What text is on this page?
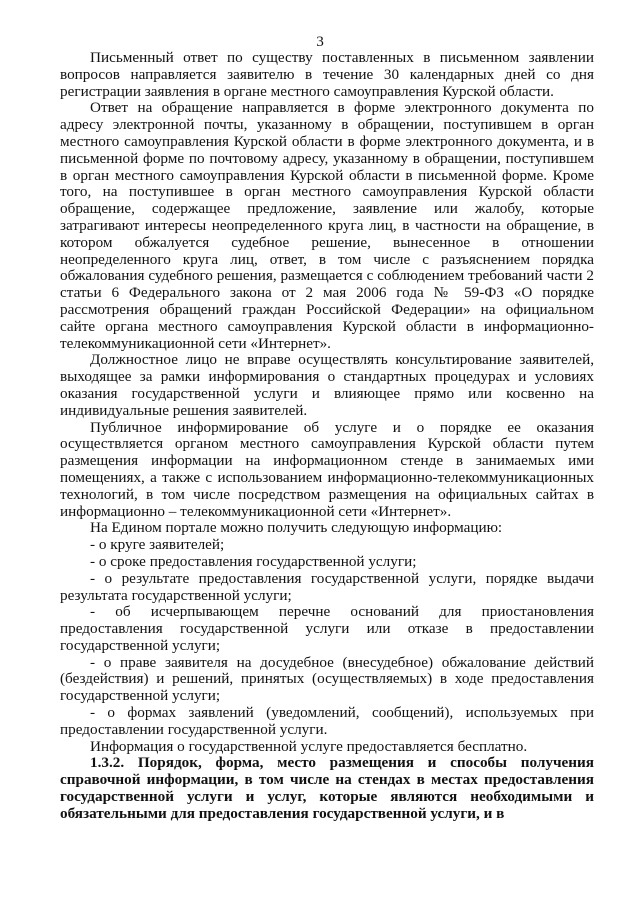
3

Письменный ответ по существу поставленных в письменном заявлении вопросов направляется заявителю в течение 30 календарных дней со дня регистрации заявления в органе местного самоуправления Курской области.

Ответ на обращение направляется в форме электронного документа по адресу электронной почты, указанному в обращении, поступившем в орган местного самоуправления Курской области в форме электронного документа, и в письменной форме по почтовому адресу, указанному в обращении, поступившем в орган местного самоуправления Курской области в письменной форме. Кроме того, на поступившее в орган местного самоуправления Курской области обращение, содержащее предложение, заявление или жалобу, которые затрагивают интересы неопределенного круга лиц, в частности на обращение, в котором обжалуется судебное решение, вынесенное в отношении неопределенного круга лиц, ответ, в том числе с разъяснением порядка обжалования судебного решения, размещается с соблюдением требований части 2 статьи 6 Федерального закона от 2 мая 2006 года № 59-ФЗ «О порядке рассмотрения обращений граждан Российской Федерации» на официальном сайте органа местного самоуправления Курской области в информационно-телекоммуникационной сети «Интернет».

Должностное лицо не вправе осуществлять консультирование заявителей, выходящее за рамки информирования о стандартных процедурах и условиях оказания государственной услуги и влияющее прямо или косвенно на индивидуальные решения заявителей.

Публичное информирование об услуге и о порядке ее оказания осуществляется органом местного самоуправления Курской области путем размещения информации на информационном стенде в занимаемых ими помещениях, а также с использованием информационно-телекоммуникационных технологий, в том числе посредством размещения на официальных сайтах в информационно – телекоммуникационной сети «Интернет».

На Едином портале можно получить следующую информацию:

- о круге заявителей;

- о сроке предоставления государственной услуги;

- о результате предоставления государственной услуги, порядке выдачи результата государственной услуги;

- об исчерпывающем перечне оснований для приостановления предоставления государственной услуги или отказе в предоставлении государственной услуги;

- о праве заявителя на досудебное (внесудебное) обжалование действий (бездействия) и решений, принятых (осуществляемых) в ходе предоставления государственной услуги;

- о формах заявлений (уведомлений, сообщений), используемых при предоставлении государственной услуги.

Информация о государственной услуге предоставляется бесплатно.

1.3.2. Порядок, форма, место размещения и способы получения справочной информации, в том числе на стендах в местах предоставления государственной услуги и услуг, которые являются необходимыми и обязательными для предоставления государственной услуги, и в
